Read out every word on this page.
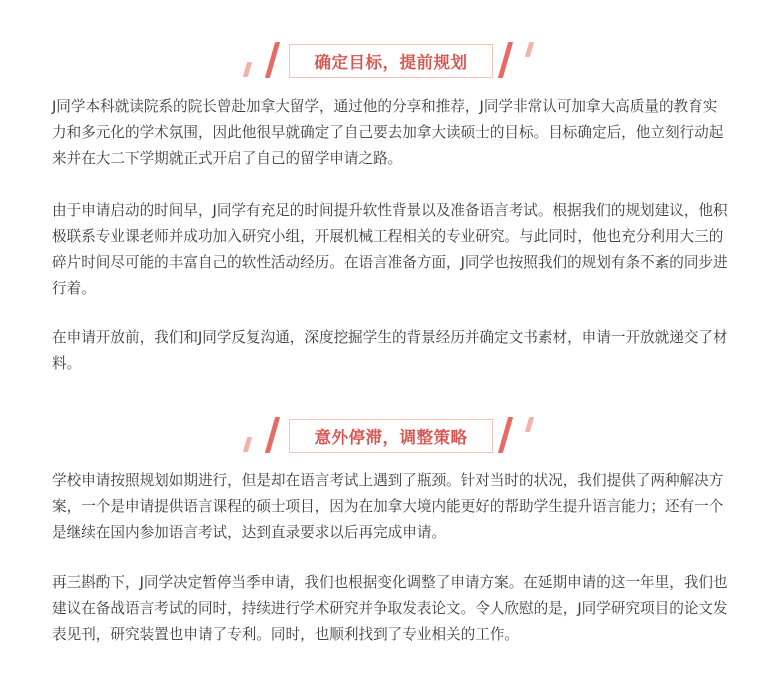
确定目标，提前规划

J同学本科就读院系的院长曾赴加拿大留学，通过他的分享和推荐，J同学非常认可加拿大高质量的教育实力和多元化的学术氛围，因此他很早就确定了自己要去加拿大读硕士的目标。目标确定后，他立刻行动起来并在大二下学期就正式开启了自己的留学申请之路。

由于申请启动的时间早，J同学有充足的时间提升软性背景以及准备语言考试。根据我们的规划建议，他积极联系专业课老师并成功加入研究小组，开展机械工程相关的专业研究。与此同时，他也充分利用大三的碎片时间尽可能的丰富自己的软性活动经历。在语言准备方面，J同学也按照我们的规划有条不紊的同步进行着。

在申请开放前，我们和J同学反复沟通，深度挖掘学生的背景经历并确定文书素材，申请一开放就递交了材料。

意外停滞，调整策略

学校申请按照规划如期进行，但是却在语言考试上遇到了瓶颈。针对当时的状况，我们提供了两种解决方案，一个是申请提供语言课程的硕士项目，因为在加拿大境内能更好的帮助学生提升语言能力；还有一个是继续在国内参加语言考试，达到直录要求以后再完成申请。

再三斟酌下，J同学决定暂停当季申请，我们也根据变化调整了申请方案。在延期申请的这一年里，我们也建议在备战语言考试的同时，持续进行学术研究并争取发表论文。令人欣慰的是，J同学研究项目的论文发表见刊，研究装置也申请了专利。同时，也顺利找到了专业相关的工作。
